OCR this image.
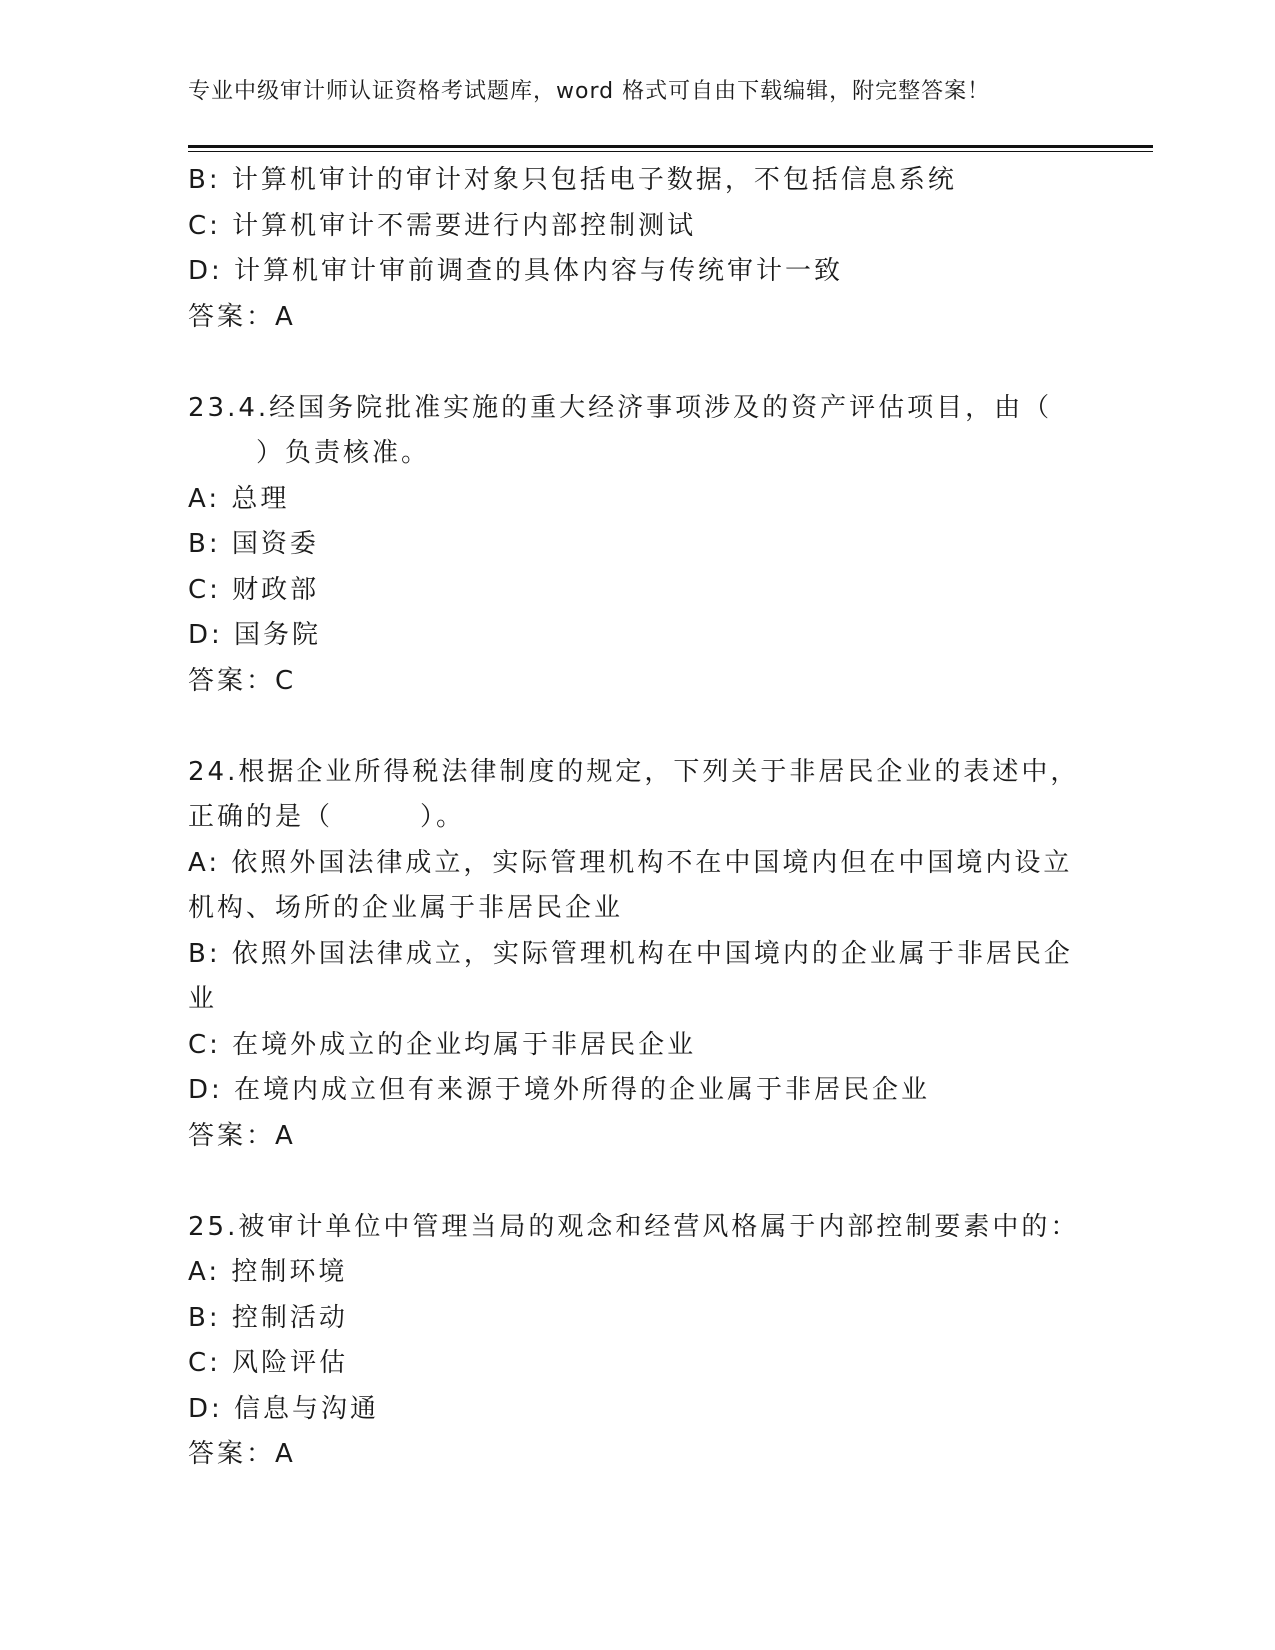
专业中级审计师认证资格考试题库，word 格式可自由下载编辑，附完整答案！
B: 计算机审计的审计对象只包括电子数据，不包括信息系统
C: 计算机审计不需要进行内部控制测试
D: 计算机审计审前调查的具体内容与传统审计一致
答案：A
23.4.经国务院批准实施的重大经济事项涉及的资产评估项目，由（
）负责核准。
A: 总理
B: 国资委
C: 财政部
D: 国务院
答案：C
24.根据企业所得税法律制度的规定，下列关于非居民企业的表述中，
正确的是（　　　）。
A: 依照外国法律成立，实际管理机构不在中国境内但在中国境内设立
机构、场所的企业属于非居民企业
B: 依照外国法律成立，实际管理机构在中国境内的企业属于非居民企
业
C: 在境外成立的企业均属于非居民企业
D: 在境内成立但有来源于境外所得的企业属于非居民企业
答案：A
25.被审计单位中管理当局的观念和经营风格属于内部控制要素中的：
A: 控制环境
B: 控制活动
C: 风险评估
D: 信息与沟通
答案：A
